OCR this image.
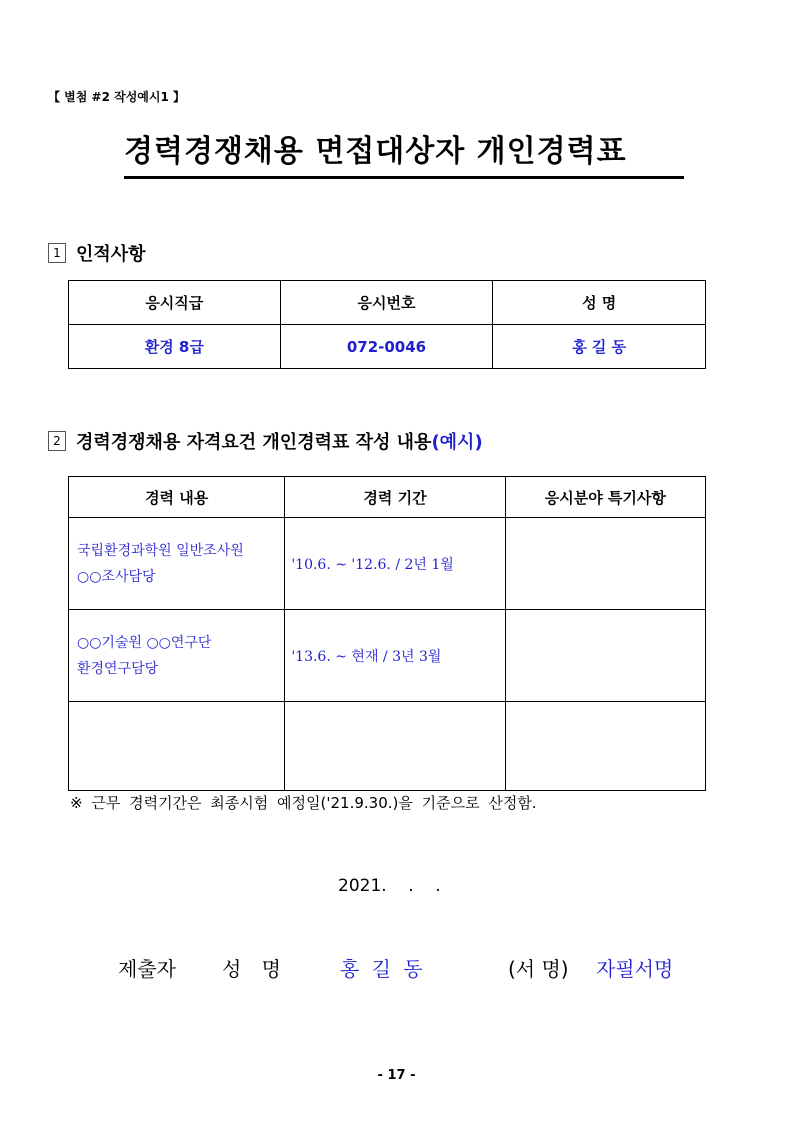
【 별첨 #2 작성예시1 】
경력경쟁채용 면접대상자 개인경력표
1 인적사항
응시직급	응시번호	성 명
환경 8급	072-0046	홍 길 동
2 경력경쟁채용 자격요건 개인경력표 작성 내용 (예시)
경력 내용	경력 기간	응시분야 특기사항

국립환경과학원 일반조사원
○○조사담당	'10.6. ~ '12.6. / 2년 1월	

○○기술원 ○○연구단
환경연구담당	'13.6. ~ 현재 / 3년 3월	

※ 근무 경력기간은 최종시험 예정일('21.9.30.)을 기준으로 산정함.
2021.    .    .
제출자 성 명	홍 길 동	(서 명) 자필서명
- 17 -
